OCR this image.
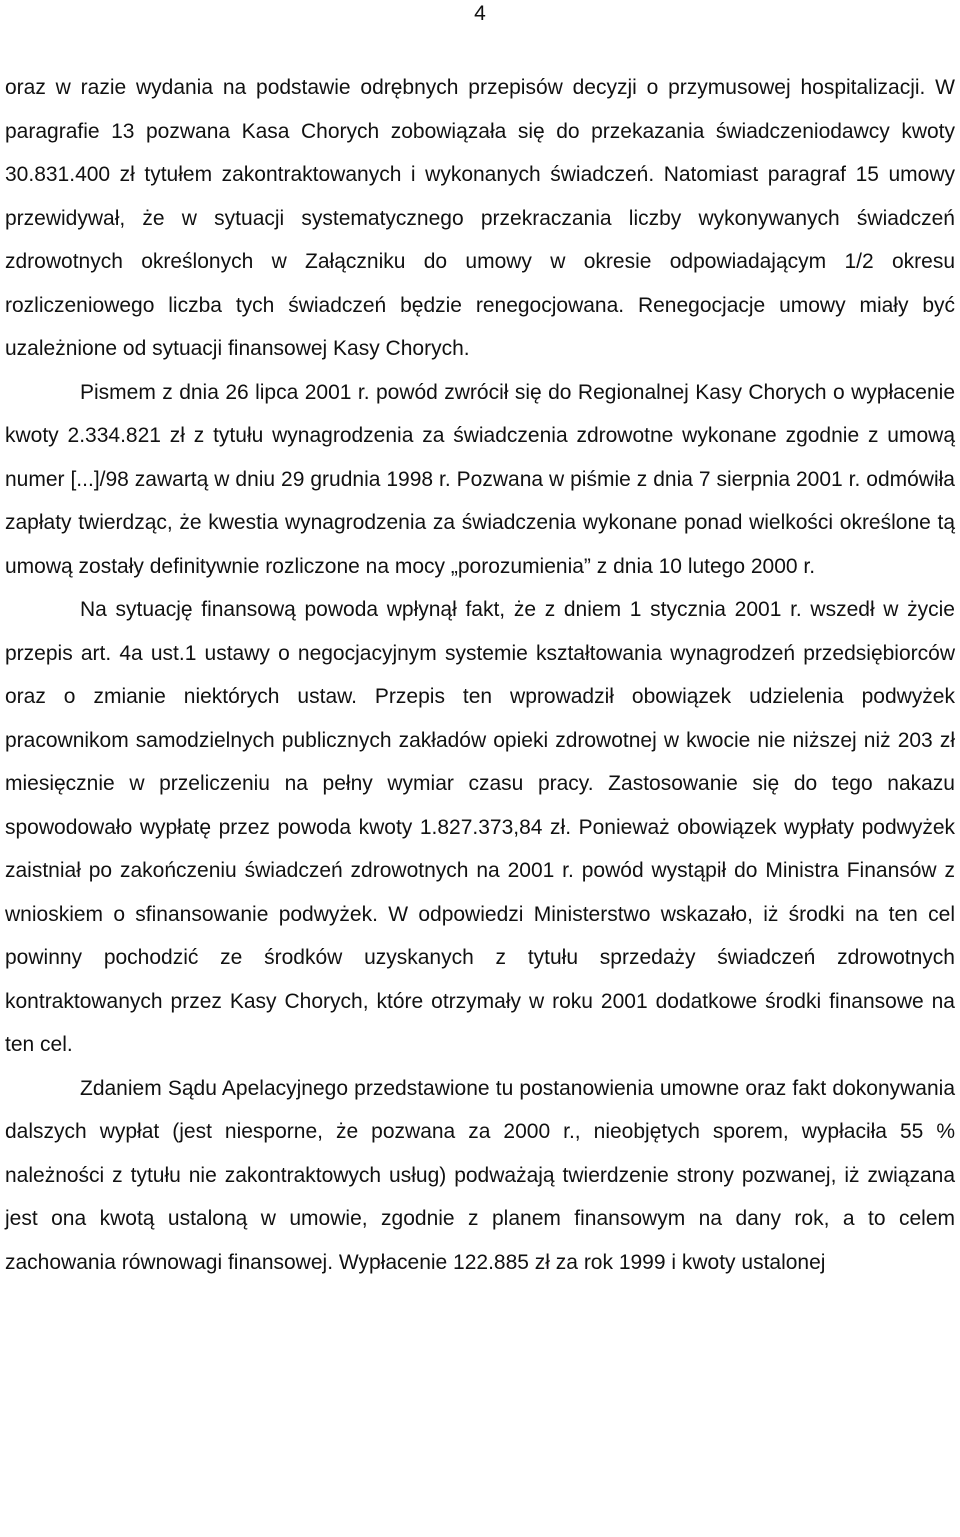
4

oraz w razie wydania na podstawie odrębnych przepisów decyzji o przymusowej hospitalizacji. W paragrafie 13 pozwana Kasa Chorych zobowiązała się do przekazania świadczeniodawcy kwoty 30.831.400 zł tytułem zakontraktowanych i wykonanych świadczeń. Natomiast paragraf 15 umowy przewidywał, że w sytuacji systematycznego przekraczania liczby wykonywanych świadczeń zdrowotnych określonych w Załączniku do umowy w okresie odpowiadającym 1/2 okresu rozliczeniowego liczba tych świadczeń będzie renegocjowana. Renegocjacje umowy miały być uzależnione od sytuacji finansowej Kasy Chorych.

Pismem z dnia 26 lipca 2001 r. powód zwrócił się do Regionalnej Kasy Chorych o wypłacenie kwoty 2.334.821 zł z tytułu wynagrodzenia za świadczenia zdrowotne wykonane zgodnie z umową numer [...]/98 zawartą w dniu 29 grudnia 1998 r. Pozwana w piśmie z dnia 7 sierpnia 2001 r. odmówiła zapłaty twierdząc, że kwestia wynagrodzenia za świadczenia wykonane ponad wielkości określone tą umową zostały definitywnie rozliczone na mocy „porozumienia” z dnia 10 lutego 2000 r.

Na sytuację finansową powoda wpłynął fakt, że z dniem 1 stycznia 2001 r. wszedł w życie przepis art. 4a ust.1 ustawy o negocjacyjnym systemie kształtowania wynagrodzeń przedsiębiorców oraz o zmianie niektórych ustaw. Przepis ten wprowadził obowiązek udzielenia podwyżek pracownikom samodzielnych publicznych zakładów opieki zdrowotnej w kwocie nie niższej niż 203 zł miesięcznie w przeliczeniu na pełny wymiar czasu pracy. Zastosowanie się do tego nakazu spowodowało wypłatę przez powoda kwoty 1.827.373,84 zł. Ponieważ obowiązek wypłaty podwyżek zaistniał po zakończeniu świadczeń zdrowotnych na 2001 r. powód wystąpił do Ministra Finansów z wnioskiem o sfinansowanie podwyżek. W odpowiedzi Ministerstwo wskazało, iż środki na ten cel powinny pochodzić ze środków uzyskanych z tytułu sprzedaży świadczeń zdrowotnych kontraktowanych przez Kasy Chorych, które otrzymały w roku 2001 dodatkowe środki finansowe na ten cel.

Zdaniem Sądu Apelacyjnego przedstawione tu postanowienia umowne oraz fakt dokonywania dalszych wypłat (jest niesporne, że pozwana za 2000 r., nieobjętych sporem, wypłaciła 55 % należności z tytułu nie zakontraktowych usług) podważają twierdzenie strony pozwanej, iż związana jest ona kwotą ustaloną w umowie, zgodnie z planem finansowym na dany rok, a to celem zachowania równowagi finansowej. Wypłacenie 122.885 zł za rok 1999 i kwoty ustalonej
